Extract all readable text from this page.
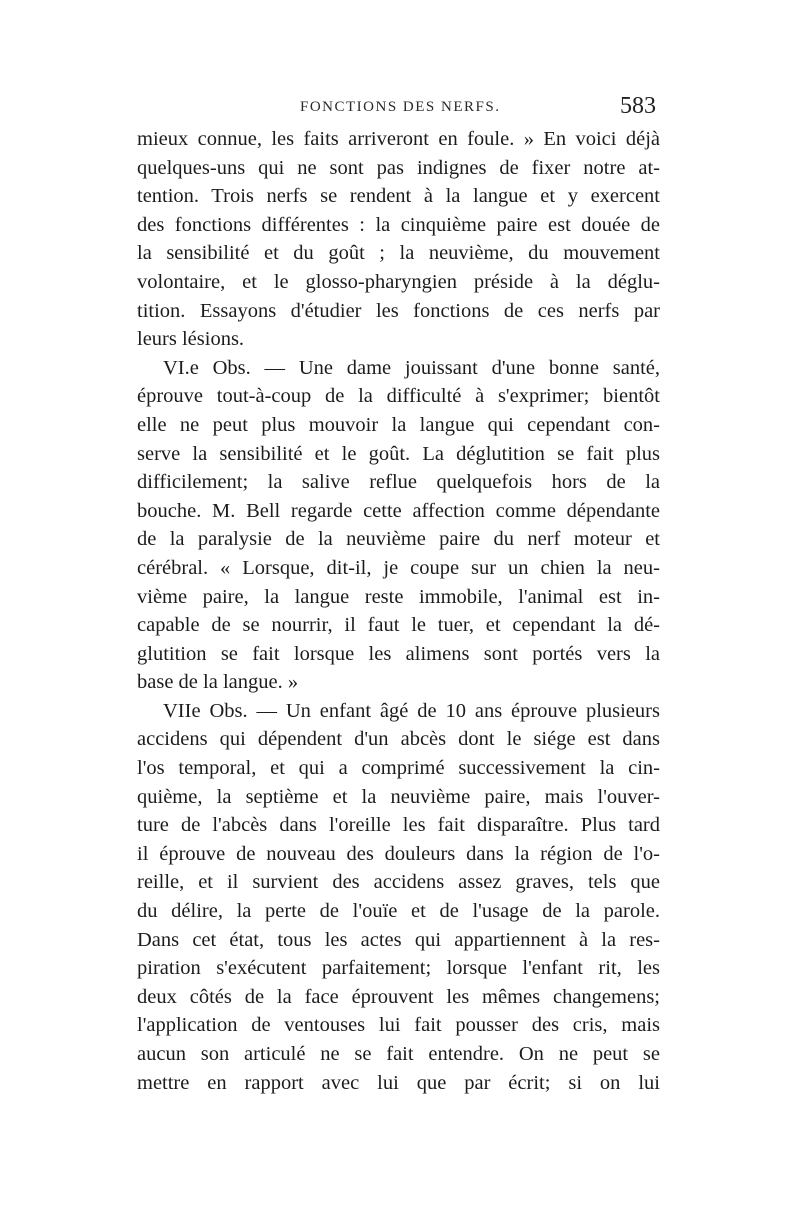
FONCTIONS DES NERFS.	583
mieux connue, les faits arriveront en foule. » En voici déjà
quelques-uns qui ne sont pas indignes de fixer notre at-
tention. Trois nerfs se rendent à la langue et y exercent
des fonctions différentes : la cinquième paire est douée de
la sensibilité et du goût ; la neuvième, du mouvement
volontaire, et le glosso-pharyngien préside à la déglu-
tition. Essayons d'étudier les fonctions de ces nerfs par
leurs lésions.
VI.e Obs. — Une dame jouissant d'une bonne santé,
éprouve tout-à-coup de la difficulté à s'exprimer; bientôt
elle ne peut plus mouvoir la langue qui cependant con-
serve la sensibilité et le goût. La déglutition se fait plus
difficilement; la salive reflue quelquefois hors de la
bouche. M. Bell regarde cette affection comme dépendante
de la paralysie de la neuvième paire du nerf moteur et
cérébral. « Lorsque, dit-il, je coupe sur un chien la neu-
vième paire, la langue reste immobile, l'animal est in-
capable de se nourrir, il faut le tuer, et cependant la dé-
glutition se fait lorsque les alimens sont portés vers la
base de la langue. »
VIIe Obs. — Un enfant âgé de 10 ans éprouve plusieurs
accidens qui dépendent d'un abcès dont le siége est dans
l'os temporal, et qui a comprimé successivement la cin-
quième, la septième et la neuvième paire, mais l'ouver-
ture de l'abcès dans l'oreille les fait disparaître. Plus tard
il éprouve de nouveau des douleurs dans la région de l'o-
reille, et il survient des accidens assez graves, tels que
du délire, la perte de l'ouïe et de l'usage de la parole.
Dans cet état, tous les actes qui appartiennent à la res-
piration s'exécutent parfaitement; lorsque l'enfant rit, les
deux côtés de la face éprouvent les mêmes changemens;
l'application de ventouses lui fait pousser des cris, mais
aucun son articulé ne se fait entendre. On ne peut se
mettre en rapport avec lui que par écrit; si on lui
